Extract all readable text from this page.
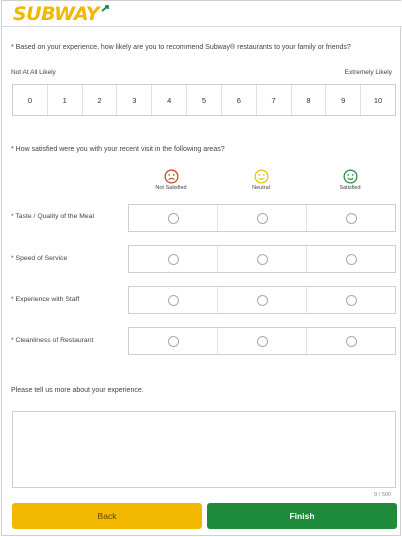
SUBWAY
* Based on your experience, how likely are you to recommend Subway® restaurants to your family or friends?
Not At All Likely	Extremely Likely
0	1	2	3	4	5	6	7	8	9	10
* How satisfied were you with your recent visit in the following areas?
Not Satisfied	Neutral	Satisfied
* Taste / Quality of the Meal
* Speed of Service
* Experience with Staff
* Cleanliness of Restaurant
Please tell us more about your experience.
0 / 500
Back	Finish
